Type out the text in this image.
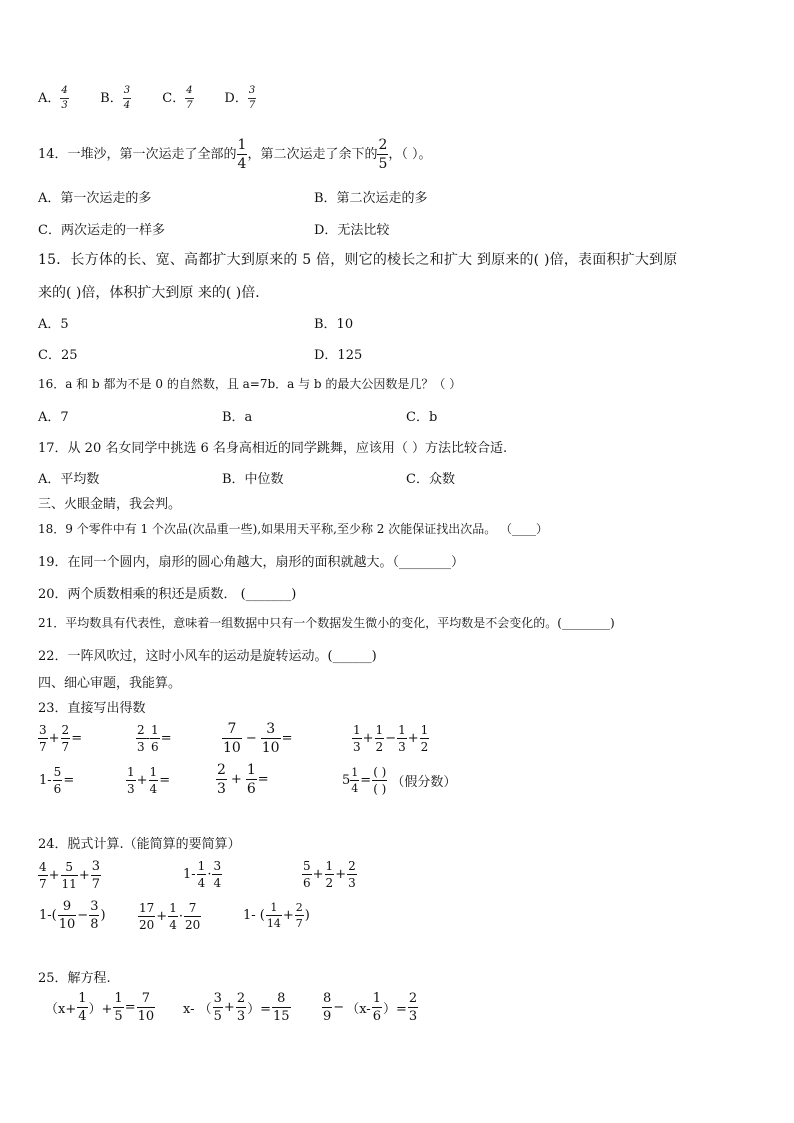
A． $\frac{4}{3}$ B． $\frac{3}{4}$ C． $\frac{4}{7}$ D． $\frac{3}{7}$
14．一堆沙，第一次运走了全部的 $\frac{1}{4}$ ，第二次运走了余下的 $\frac{2}{5}$ ，（ ）。
A．第一次运走的多	B．第二次运走的多
C．两次运走的一样多	D．无法比较
15．长方体的长、宽、高都扩大到原来的 5 倍，则它的棱长之和扩大 到原来的( )倍，表面积扩大到原
来的( )倍，体积扩大到原 来的( )倍．
A．5	B．10
C．25	D．125
16．a 和 b 都为不是 0 的自然数，且 a=7b．a 与 b 的最大公因数是几？（ ）
A．7	B．a	C．b
17．从 20 名女同学中挑选 6 名身高相近的同学跳舞，应该用（ ）方法比较合适.
A．平均数	B．中位数	C．众数
三、火眼金睛，我会判。
18．9 个零件中有 1 个次品(次品重一些),如果用天平称,至少称 2 次能保证找出次品。 （____）
19．在同一个圆内，扇形的圆心角越大，扇形的面积就越大。（________）
20．两个质数相乘的积还是质数． (_______)
21．平均数具有代表性，意味着一组数据中只有一个数据发生微小的变化，平均数是不会变化的。(________)
22．一阵风吹过，这时小风车的运动是旋转运动。(______)
四、细心审题，我能算。
23．直接写出得数
$\frac{3}{7} + \frac{2}{7}$ =	$\frac{2}{3} - \frac{1}{6}$ =	$\frac{7}{10} - \frac{3}{10}$ =	$\frac{1}{3} + \frac{1}{2} - \frac{1}{3} + \frac{1}{2}$
$1- \frac{5}{6}$ =	$\frac{1}{3} + \frac{1}{4}$ =	$\frac{2}{3} + \frac{1}{6}$ =	$5 \frac{1}{4} = \frac{( )}{( )}$ （假分数）
24．脱式计算.（能简算的要简算）
$\frac{4}{7} + \frac{5}{11} + \frac{3}{7}$	$1- \frac{1}{4} \cdot \frac{3}{4}$	$\frac{5}{6} + \frac{1}{2} + \frac{2}{3}$
$1-( \frac{9}{10} - \frac{3}{8}$ )	$\frac{17}{20} + \frac{1}{4} \cdot \frac{7}{20}$	1- ( $\frac{1}{14} + \frac{2}{7}$ )
25．解方程.
（$x+ \frac{1}{4}$ ）+ $\frac{1}{5} = \frac{7}{10} x-$ （ $\frac{3}{5} + \frac{2}{3}$ ）= $\frac{8}{15} \frac{8}{9} - (x- \frac{1}{6}$ ）= $\frac{2}{3}$
